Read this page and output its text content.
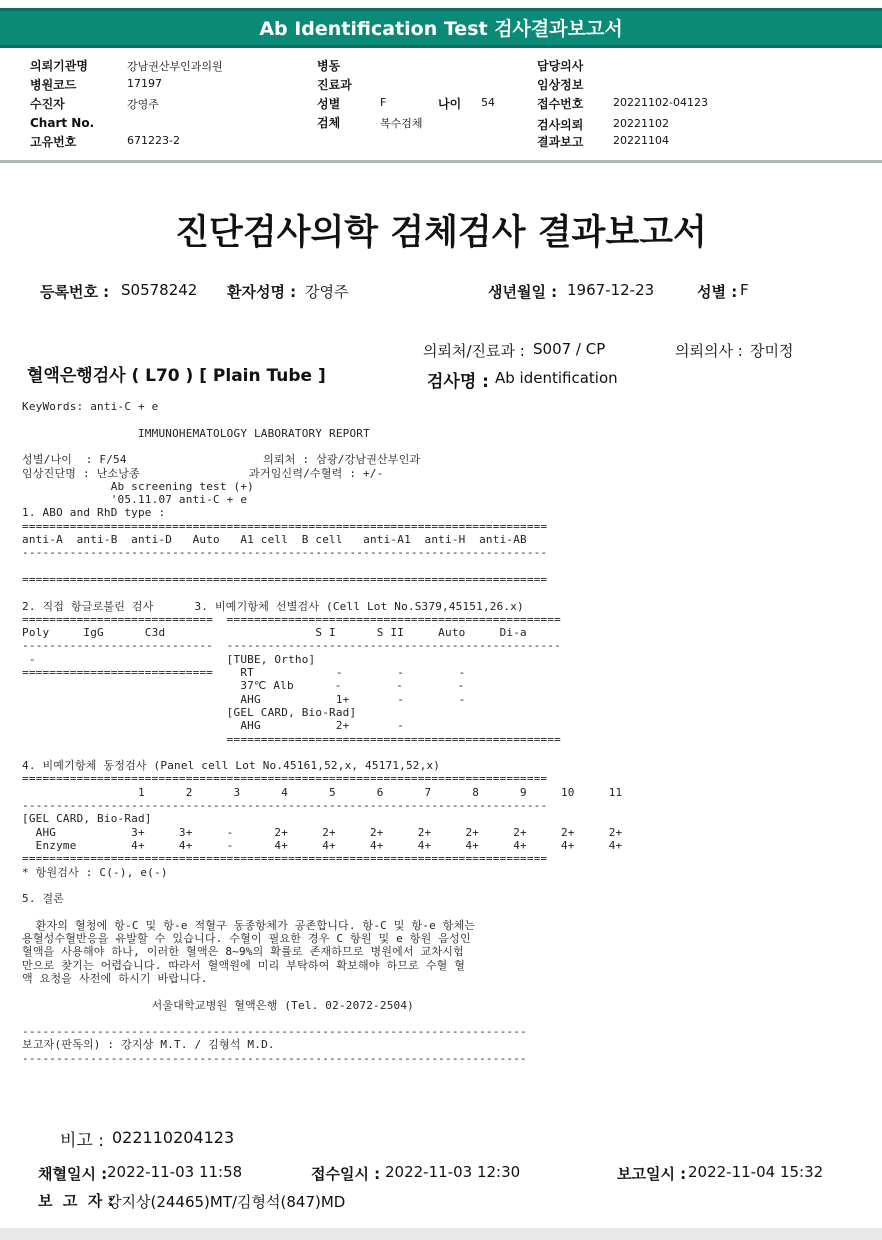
Ab Identification Test 검사결과보고서
의뢰기관명	강남권산부인과의원
병원코드	17197
수진자	강영주
Chart No.
고유번호	671223-2
병동
진료과
성별	F	나이 54
검체	복수검체
담당의사
임상정보
접수번호	20221102-04123
검사의뢰	20221102
결과보고	20221104
진단검사의학 검체검사 결과보고서
등록번호 : S0578242 환자성명 : 강영주	생년월일 : 1967-12-23	성별 : F
의뢰처/진료과 : S007 / CP	의뢰의사 : 장미정
혈액은행검사 ( L70 ) [ Plain Tube ]	검사명 : Ab identification
KeyWords: anti-C + e
IMMUNOHEMATOLOGY LABORATORY REPORT
성별/나이  : F/54                    의뢰처 : 삼광/강남권산부인과
임상진단명 : 난소낭종                과거임신력/수혈력 : +/-
Ab screening test (+)
'05.11.07 anti-C + e
1. ABO and RhD type :
=============================================================================
anti-A  anti-B  anti-D   Auto   A1 cell  B cell   anti-A1  anti-H  anti-AB
-----------------------------------------------------------------------------
=============================================================================
2. 직접 항글로불린 검사      3. 비예기항체 선별검사 (Cell Lot No.S379,45151,26.x)
============================  =================================================
Poly     IgG      C3d                      S I      S II     Auto     Di-a
----------------------------  -------------------------------------------------
-                            [TUBE, Ortho]
============================    RT            -        -        -
37℃ Alb      -        -        -
AHG           1+       -        -
[GEL CARD, Bio-Rad]
AHG           2+       -
=================================================
4. 비예기항체 동정검사 (Panel cell Lot No.45161,52,x, 45171,52,x)
=============================================================================
1      2      3      4      5      6      7      8      9     10     11
-----------------------------------------------------------------------------
[GEL CARD, Bio-Rad]
AHG           3+     3+     -      2+     2+     2+     2+     2+     2+     2+     2+
Enzyme        4+     4+     -      4+     4+     4+     4+     4+     4+     4+     4+
=============================================================================
* 항원검사 : C(-), e(-)
5. 결론
환자의 혈청에 항-C 및 항-e 적혈구 동종항체가 공존합니다. 항-C 및 항-e 항체는
용혈성수혈반응을 유발할 수 있습니다. 수혈이 필요한 경우 C 항원 및 e 항원 음성인
혈액을 사용해야 하나, 이러한 혈액은 8~9%의 확률로 존재하므로 병원에서 교차시험
만으로 찾기는 어렵습니다. 따라서 혈액원에 미리 부탁하여 확보해야 하므로 수혈 혈
액 요청을 사전에 하시기 바랍니다.
서울대학교병원 혈액은행 (Tel. 02-2072-2504)
--------------------------------------------------------------------------
보고자(판독의) : 강지상 M.T. / 김형석 M.D.
--------------------------------------------------------------------------
비고 : 022110204123
채혈일시 : 2022-11-03 11:58	접수일시 : 2022-11-03 12:30	보고일시 : 2022-11-04 15:32
보  고  자 :
강지상(24465)MT/김형석(847)MD
